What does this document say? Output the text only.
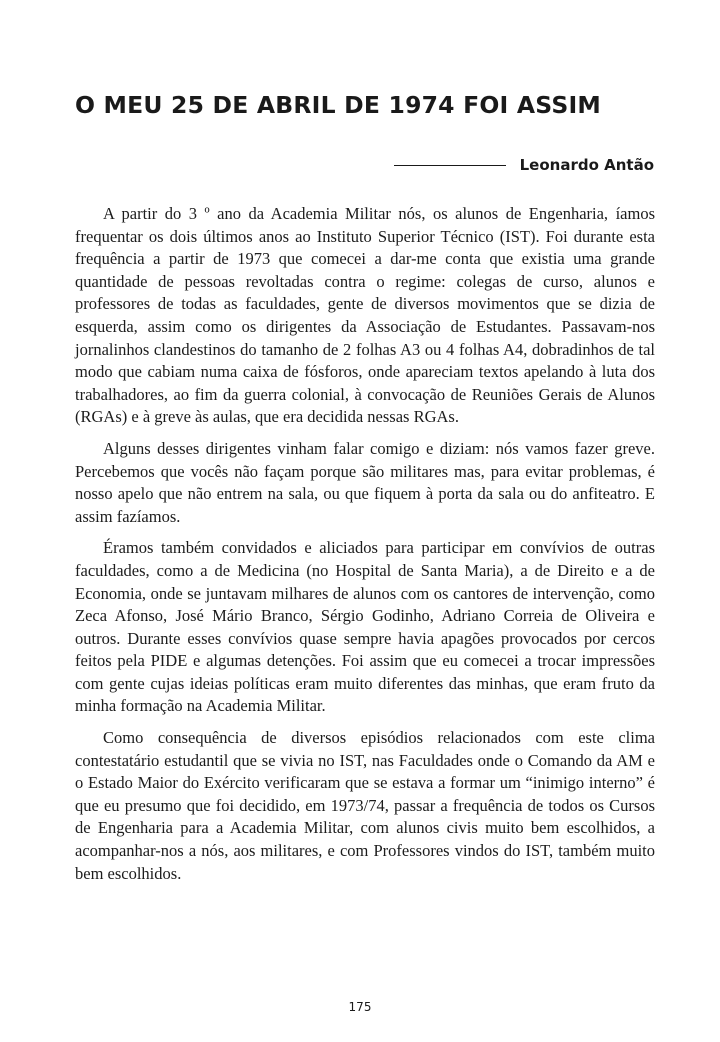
O MEU 25 DE ABRIL DE 1974 FOI ASSIM
Leonardo Antão

A partir do 3 º ano da Academia Militar nós, os alunos de Engenharia, íamos frequentar os dois últimos anos ao Instituto Superior Técnico (IST). Foi durante esta frequência a partir de 1973 que comecei a dar-me conta que existia uma grande quantidade de pessoas revoltadas contra o regime: colegas de curso, alunos e professores de todas as faculdades, gente de diversos movimentos que se dizia de esquerda, assim como os dirigentes da Associação de Estudantes. Passavam-nos jornalinhos clandestinos do tamanho de 2 folhas A3 ou 4 folhas A4, dobradinhos de tal modo que cabiam numa caixa de fósforos, onde apareciam textos apelando à luta dos trabalhadores, ao fim da guerra colonial, à convocação de Reuniões Gerais de Alunos (RGAs) e à greve às aulas, que era decidida nessas RGAs.

Alguns desses dirigentes vinham falar comigo e diziam: nós vamos fazer greve. Percebemos que vocês não façam porque são militares mas, para evitar problemas, é nosso apelo que não entrem na sala, ou que fiquem à porta da sala ou do anfiteatro. E assim fazíamos.

Éramos também convidados e aliciados para participar em convívios de outras faculdades, como a de Medicina (no Hospital de Santa Maria), a de Direito e a de Economia, onde se juntavam milhares de alunos com os cantores de intervenção, como Zeca Afonso, José Mário Branco, Sérgio Godinho, Adriano Correia de Oliveira e outros. Durante esses convívios quase sempre havia apagões provocados por cercos feitos pela PIDE e algumas detenções. Foi assim que eu comecei a trocar impressões com gente cujas ideias políticas eram muito diferentes das minhas, que eram fruto da minha formação na Academia Militar.

Como consequência de diversos episódios relacionados com este clima contestatário estudantil que se vivia no IST, nas Faculdades onde o Comando da AM e o Estado Maior do Exército verificaram que se estava a formar um “inimigo interno” é que eu presumo que foi decidido, em 1973/74, passar a frequência de todos os Cursos de Engenharia para a Academia Militar, com alunos civis muito bem escolhidos, a acompanhar-nos a nós, aos militares, e com Professores vindos do IST, também muito bem escolhidos.

175
